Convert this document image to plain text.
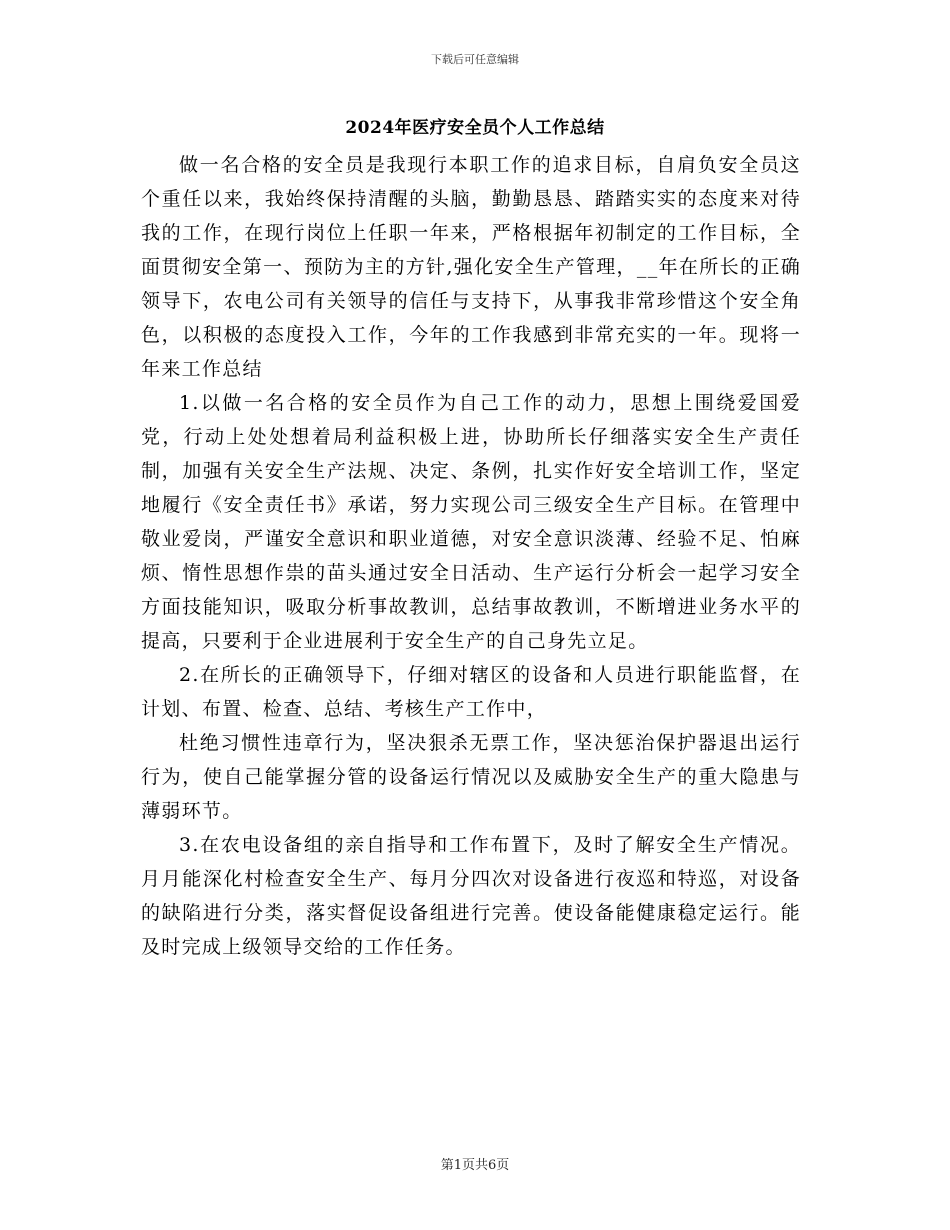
下载后可任意编辑
2024年医疗安全员个人工作总结

做一名合格的安全员是我现行本职工作的追求目标，自肩负安全员这个重任以来，我始终保持清醒的头脑，勤勤恳恳、踏踏实实的态度来对待我的工作，在现行岗位上任职一年来，严格根据年初制定的工作目标，全面贯彻安全第一、预防为主的方针,强化安全生产管理，__年在所长的正确领导下，农电公司有关领导的信任与支持下，从事我非常珍惜这个安全角色，以积极的态度投入工作，今年的工作我感到非常充实的一年。现将一年来工作总结

1.以做一名合格的安全员作为自己工作的动力，思想上围绕爱国爱党，行动上处处想着局利益积极上进，协助所长仔细落实安全生产责任制，加强有关安全生产法规、决定、条例，扎实作好安全培训工作，坚定地履行《安全责任书》承诺，努力实现公司三级安全生产目标。在管理中敬业爱岗，严谨安全意识和职业道德，对安全意识淡薄、经验不足、怕麻烦、惰性思想作祟的苗头通过安全日活动、生产运行分析会一起学习安全方面技能知识，吸取分析事故教训，总结事故教训，不断增进业务水平的提高，只要利于企业进展利于安全生产的自己身先立足。

2.在所长的正确领导下，仔细对辖区的设备和人员进行职能监督，在计划、布置、检查、总结、考核生产工作中，

杜绝习惯性违章行为，坚决狠杀无票工作，坚决惩治保护器退出运行行为，使自己能掌握分管的设备运行情况以及威胁安全生产的重大隐患与薄弱环节。

3.在农电设备组的亲自指导和工作布置下，及时了解安全生产情况。月月能深化村检查安全生产、每月分四次对设备进行夜巡和特巡，对设备的缺陷进行分类，落实督促设备组进行完善。使设备能健康稳定运行。能及时完成上级领导交给的工作任务。

第1页共6页
